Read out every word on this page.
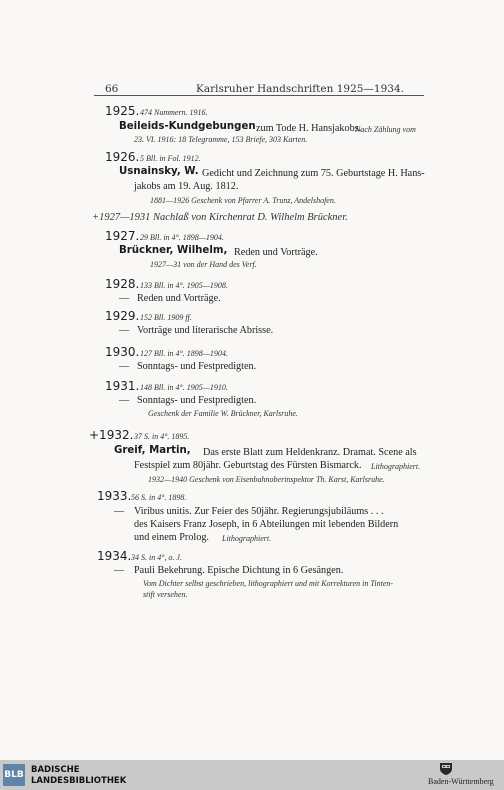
66	Karlsruher Handschriften 1925—1934.
1925. 474 Nummern. 1916.
Beileids-Kundgebungen zum Tode H. Hansjakobs.
Nach Zählung vom
23. VI. 1916: 18 Telegramme, 153 Briefe, 303 Karten.
1926. 5 Bll. in Fol. 1912.
Usnainsky, W. Gedicht und Zeichnung zum 75. Geburtstage H. Hans-
jakobs am 19. Aug. 1812.
1881—1926 Geschenk von Pfarrer A. Trunz, Andelshofen.
+1927—1931 Nachlaß von Kirchenrat D. Wilhelm Brückner.
1927. 29 Bll. in 4°. 1898—1904.
Brückner, Wilhelm, Reden und Vorträge.
1927—31 von der Hand des Verf.
1928. 133 Bll. in 4°. 1905—1908.
— Reden und Vorträge.
1929. 152 Bll. 1909 ff.
— Vorträge und literarische Abrisse.
1930. 127 Bll. in 4°. 1898—1904.
— Sonntags- und Festpredigten.
1931. 148 Bll. in 4°. 1905—1910.
— Sonntags- und Festpredigten.
Geschenk der Familie W. Brückner, Karlsruhe.
+1932. 37 S. in 4°. 1895.
Greif, Martin, Das erste Blatt zum Heldenkranz. Dramat. Scene als
Festspiel zum 80jähr. Geburtstag des Fürsten Bismarck. Lithographiert.
1932—1940 Geschenk von Eisenbahnoberinspektor Th. Karst, Karlsruhe.
1933. 56 S. in 4°. 1898.
— Viribus unitis. Zur Feier des 50jähr. Regierungsjubiläums . . .
des Kaisers Franz Joseph, in 6 Abteilungen mit lebenden Bildern
und einem Prolog. Lithographiert.
1934. 34 S. in 4°, o. J.
— Pauli Bekehrung. Epische Dichtung in 6 Gesängen.
Vom Dichter selbst geschrieben, lithographiert und mit Korrekturen in Tinten-
stift versehen.
BLB BADISCHE
LANDESBIBLIOTHEK	Baden-Württemberg
